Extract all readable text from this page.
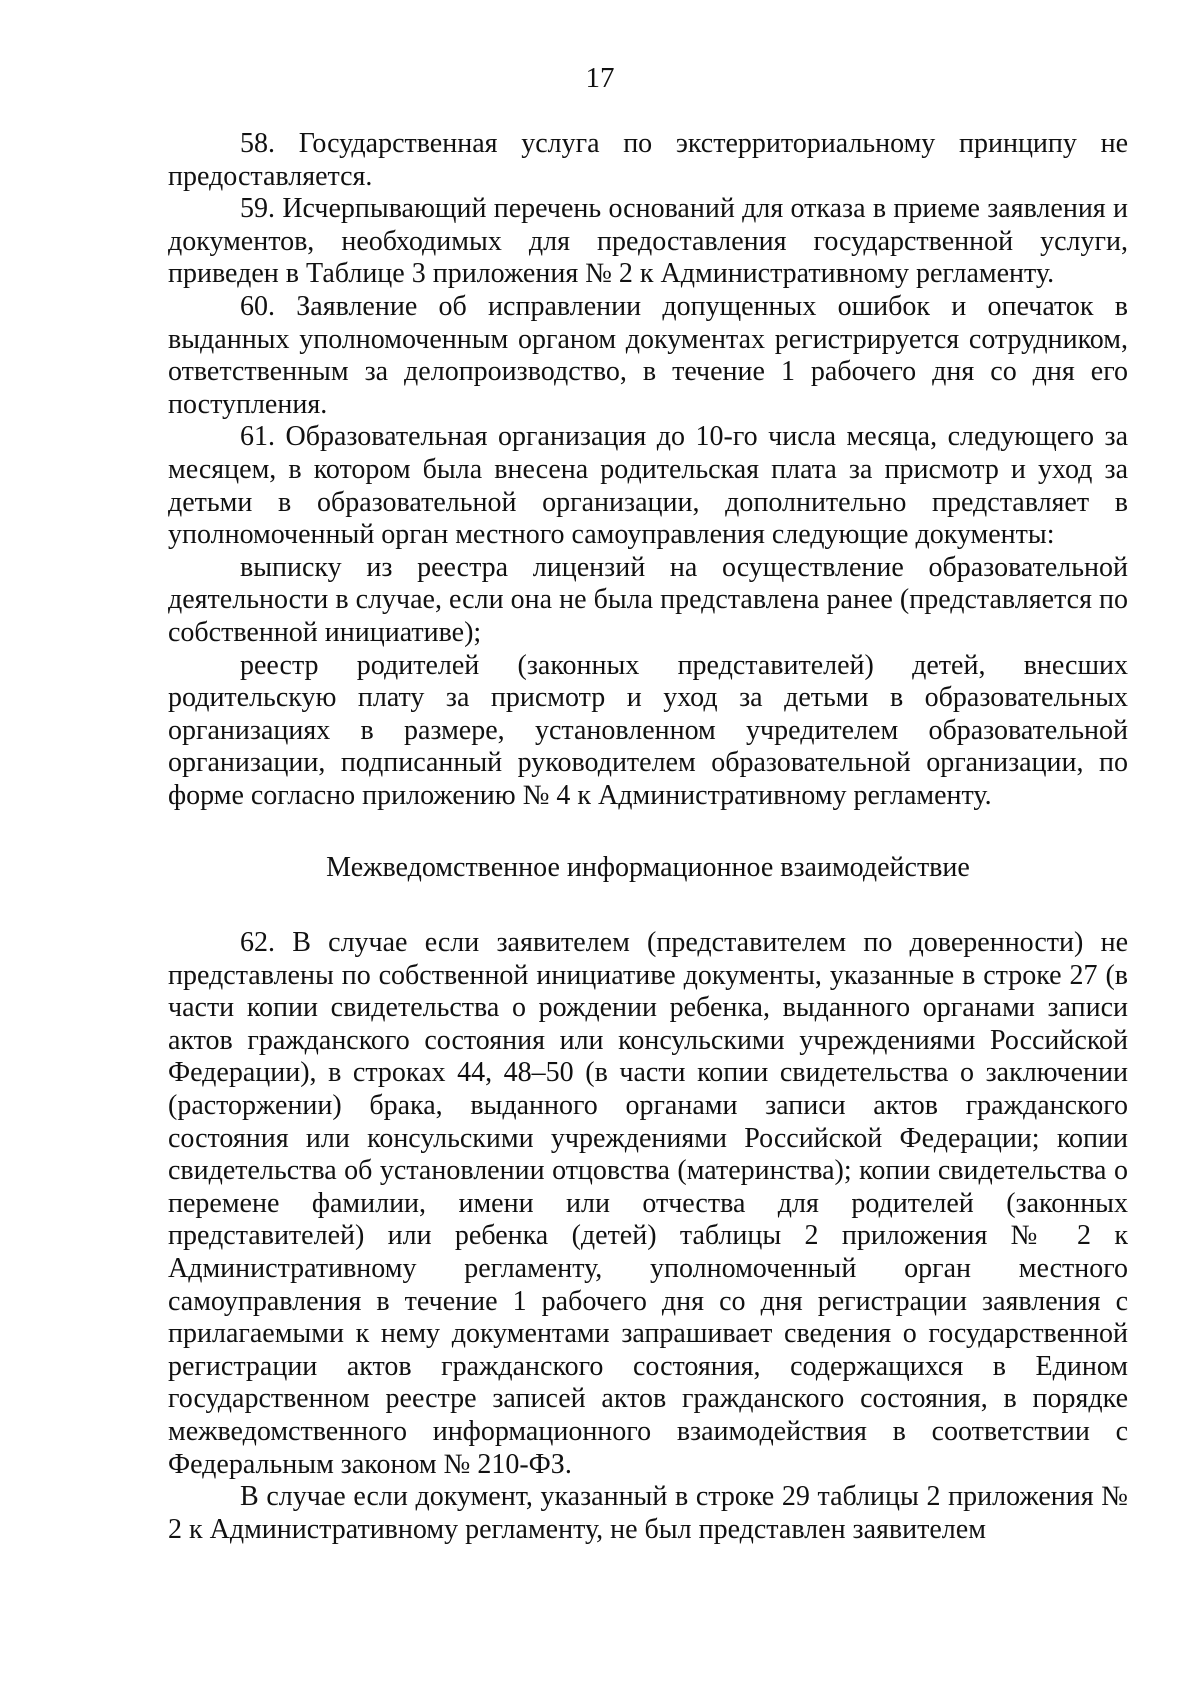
17

58. Государственная услуга по экстерриториальному принципу не предоставляется.

59. Исчерпывающий перечень оснований для отказа в приеме заявления и документов, необходимых для предоставления государственной услуги, приведен в Таблице 3 приложения № 2 к Административному регламенту.

60. Заявление об исправлении допущенных ошибок и опечаток в выданных уполномоченным органом документах регистрируется сотрудником, ответственным за делопроизводство, в течение 1 рабочего дня со дня его поступления.

61. Образовательная организация до 10-го числа месяца, следующего за месяцем, в котором была внесена родительская плата за присмотр и уход за детьми в образовательной организации, дополнительно представляет в уполномоченный орган местного самоуправления следующие документы:

выписку из реестра лицензий на осуществление образовательной деятельности в случае, если она не была представлена ранее (представляется по собственной инициативе);

реестр родителей (законных представителей) детей, внесших родительскую плату за присмотр и уход за детьми в образовательных организациях в размере, установленном учредителем образовательной организации, подписанный руководителем образовательной организации, по форме согласно приложению № 4 к Административному регламенту.

Межведомственное информационное взаимодействие

62. В случае если заявителем (представителем по доверенности) не представлены по собственной инициативе документы, указанные в строке 27 (в части копии свидетельства о рождении ребенка, выданного органами записи актов гражданского состояния или консульскими учреждениями Российской Федерации), в строках 44, 48–50 (в части копии свидетельства о заключении (расторжении) брака, выданного органами записи актов гражданского состояния или консульскими учреждениями Российской Федерации; копии свидетельства об установлении отцовства (материнства); копии свидетельства о перемене фамилии, имени или отчества для родителей (законных представителей) или ребенка (детей) таблицы 2 приложения № 2 к Административному регламенту, уполномоченный орган местного самоуправления в течение 1 рабочего дня со дня регистрации заявления с прилагаемыми к нему документами запрашивает сведения о государственной регистрации актов гражданского состояния, содержащихся в Едином государственном реестре записей актов гражданского состояния, в порядке межведомственного информационного взаимодействия в соответствии с Федеральным законом № 210-ФЗ.

В случае если документ, указанный в строке 29 таблицы 2 приложения № 2 к Административному регламенту, не был представлен заявителем
